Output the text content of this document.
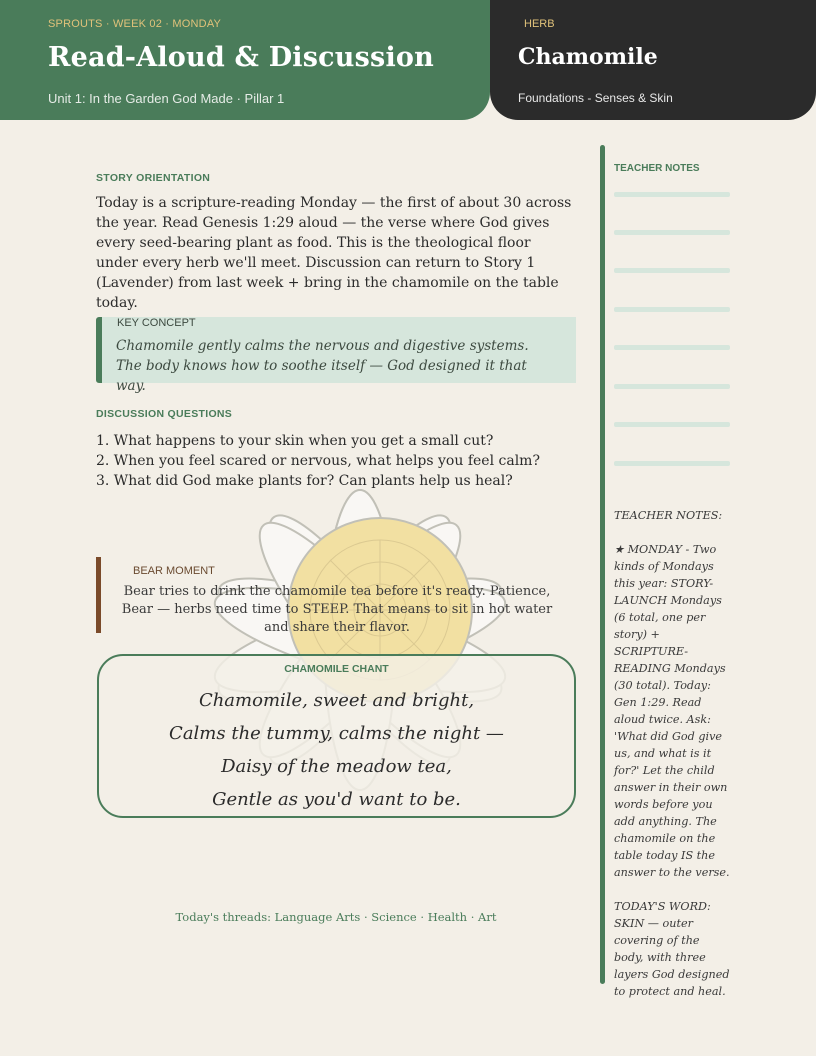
SPROUTS · WEEK 02 · MONDAY
Read-Aloud & Discussion
Unit 1: In the Garden God Made · Pillar 1
HERB
Chamomile
Foundations - Senses & Skin
STORY ORIENTATION
Today is a scripture-reading Monday — the first of about 30 across the year. Read Genesis 1:29 aloud — the verse where God gives every seed-bearing plant as food. This is the theological floor under every herb we'll meet. Discussion can return to Story 1 (Lavender) from last week + bring in the chamomile on the table today.
KEY CONCEPT
Chamomile gently calms the nervous and digestive systems. The body knows how to soothe itself — God designed it that way.
DISCUSSION QUESTIONS
1. What happens to your skin when you get a small cut?
2. When you feel scared or nervous, what helps you feel calm?
3. What did God make plants for? Can plants help us heal?
BEAR MOMENT
Bear tries to drink the chamomile tea before it's ready. Patience, Bear — herbs need time to STEEP. That means to sit in hot water and share their flavor.
CHAMOMILE CHANT
Chamomile, sweet and bright,
Calms the tummy, calms the night —
Daisy of the meadow tea,
Gentle as you'd want to be.
Today's threads: Language Arts · Science · Health · Art
TEACHER NOTES

TEACHER NOTES:

★ MONDAY - Two kinds of Mondays this year: STORY-LAUNCH Mondays (6 total, one per story) + SCRIPTURE-READING Mondays (30 total). Today: Gen 1:29. Read aloud twice. Ask: 'What did God give us, and what is it for?' Let the child answer in their own words before you add anything. The chamomile on the table today IS the answer to the verse.

TODAY'S WORD: SKIN — outer covering of the body, with three layers God designed to protect and heal.
